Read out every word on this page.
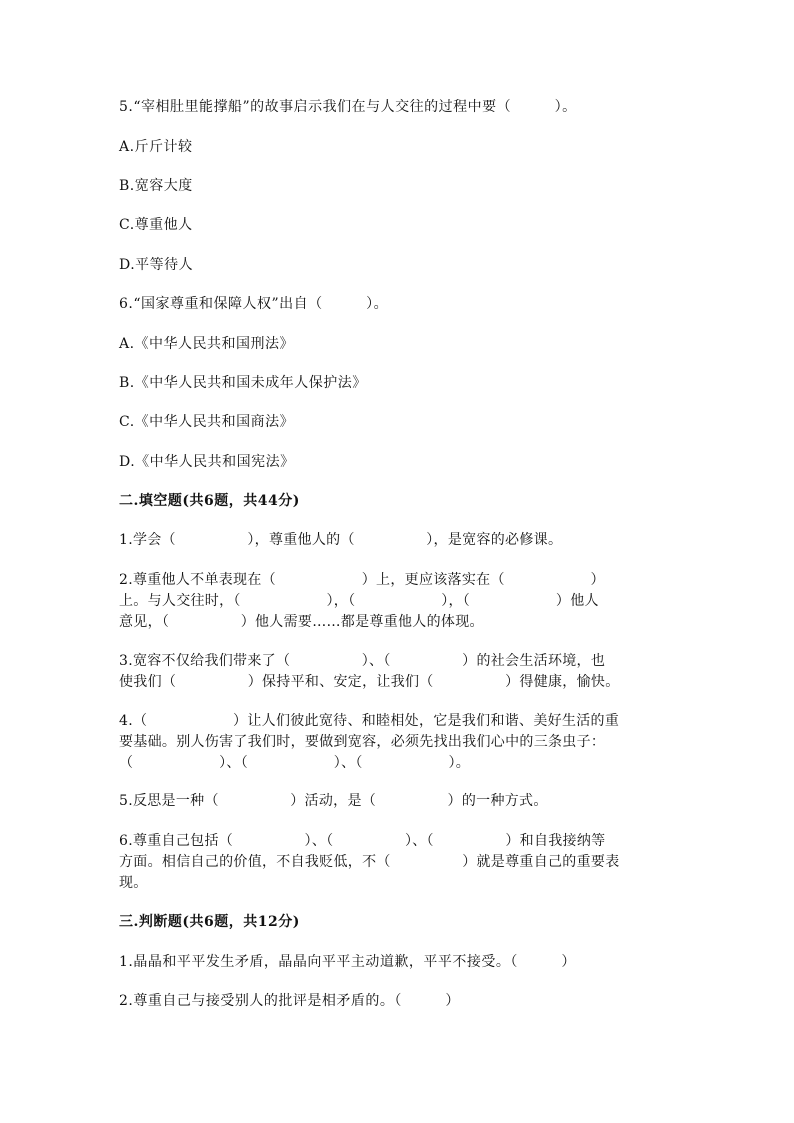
5.“宰相肚里能撑船”的故事启示我们在与人交往的过程中要（　　　）。
A.斤斤计较
B.宽容大度
C.尊重他人
D.平等待人
6.“国家尊重和保障人权”出自（　　　）。
A.《中华人民共和国刑法》
B.《中华人民共和国未成年人保护法》
C.《中华人民共和国商法》
D.《中华人民共和国宪法》
二.填空题(共6题，共44分)
1.学会（　　　　　），尊重他人的（　　　　　），是宽容的必修课。
2.尊重他人不单表现在（　　　　　　）上，更应该落实在（　　　　　　）
上。与人交往时，（　　　　　　），（　　　　　　），（　　　　　　）他人
意见，（　　　　　）他人需要……都是尊重他人的体现。
3.宽容不仅给我们带来了（　　　　　）、（　　　　　）的社会生活环境，也
使我们（　　　　　）保持平和、安定，让我们（　　　　　）得健康，愉快。
4.（　　　　　　）让人们彼此宽待、和睦相处，它是我们和谐、美好生活的重
要基础。别人伤害了我们时，要做到宽容，必须先找出我们心中的三条虫子：
（　　　　　　）、（　　　　　　）、（　　　　　　）。
5.反思是一种（　　　　　）活动，是（　　　　　）的一种方式。
6.尊重自己包括（　　　　　）、（　　　　　）、（　　　　　）和自我接纳等
方面。相信自己的价值，不自我贬低，不（　　　　　）就是尊重自己的重要表
现。
三.判断题(共6题，共12分)
1.晶晶和平平发生矛盾，晶晶向平平主动道歉，平平不接受。（　　　）
2.尊重自己与接受别人的批评是相矛盾的。（　　　）
